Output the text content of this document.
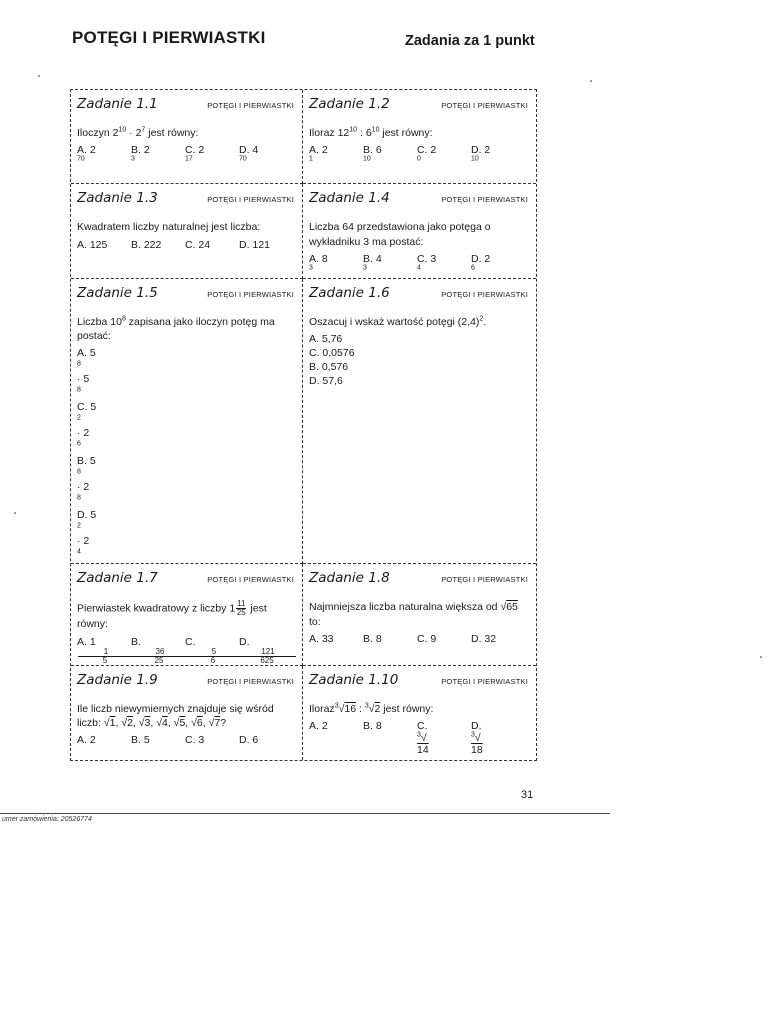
POTĘGI I PIERWIASTKI	Zadania za 1 punkt
Zadanie 1.1	POTĘGI I PIERWIASTKI
Iloczyn $2^{10} \cdot 2^7$ jest równy:
A. $2^{70}$
B. $2^3$
C. $2^{17}$
D. $4^{70}$
Zadanie 1.2	POTĘGI I PIERWIASTKI
Iloraz $12^{10}$ : $6^{10}$ jest równy:
A. $2^1$
B. $6^{10}$
C. $2^0$
D. $2^{10}$
Zadanie 1.3	POTĘGI I PIERWIASTKI
Kwadratem liczby naturalnej jest liczba:
A. 125	B. 222	C. 24	D. 121
Zadanie 1.4	POTĘGI I PIERWIASTKI
Liczba 64 przedstawiona jako potęga o wykładniku 3 ma postać:
A. $8^3$
B. $4^3$
C. $3^4$
D. $2^6$
Zadanie 1.5	POTĘGI I PIERWIASTKI
Liczba $10^8$ zapisana jako iloczyn potęg ma postać:
A. $5^8\cdot 5^8$
C. $5^2\cdot 2^6$
B. $5^8\cdot 2^8$
D. $5^2\cdot 2^4$
Zadanie 1.6	POTĘGI I PIERWIASTKI
Oszacuj i wskaż wartość potęgi $(2,4)^2$.
A. 5,76
C. 0,0576
B. 0,576
D. 57,6
Zadanie 1.7	POTĘGI I PIERWIASTKI
Pierwiastek kwadratowy z liczby $1 \frac{11}{25}$ jest równy:
A. $1\frac{1}{5}$
$B.\frac{36}{25}$
$C.\frac{5}{6}$
$D.\frac{121}{625}$
Zadanie 1.8	POTĘGI I PIERWIASTKI
Najmniejsza liczba naturalna większa od √65 to:
A. 33	B. 8	C. 9	D. 32
Zadanie 1.9	POTĘGI I PIERWIASTKI
Ile liczb niewymiernych znajduje się wśród liczb: √1, √2, √3, √4, √5, √6, √7?
A. 2	B. 5	C. 3	D. 6
Zadanie 1.10	POTĘGI I PIERWIASTKI
Iloraz$^3$√16 : $^3$√2 jest równy:
A. 2	B. 8	C.$^3$√14
D.$^3$√18
31
umer zamówienia: 20526774
